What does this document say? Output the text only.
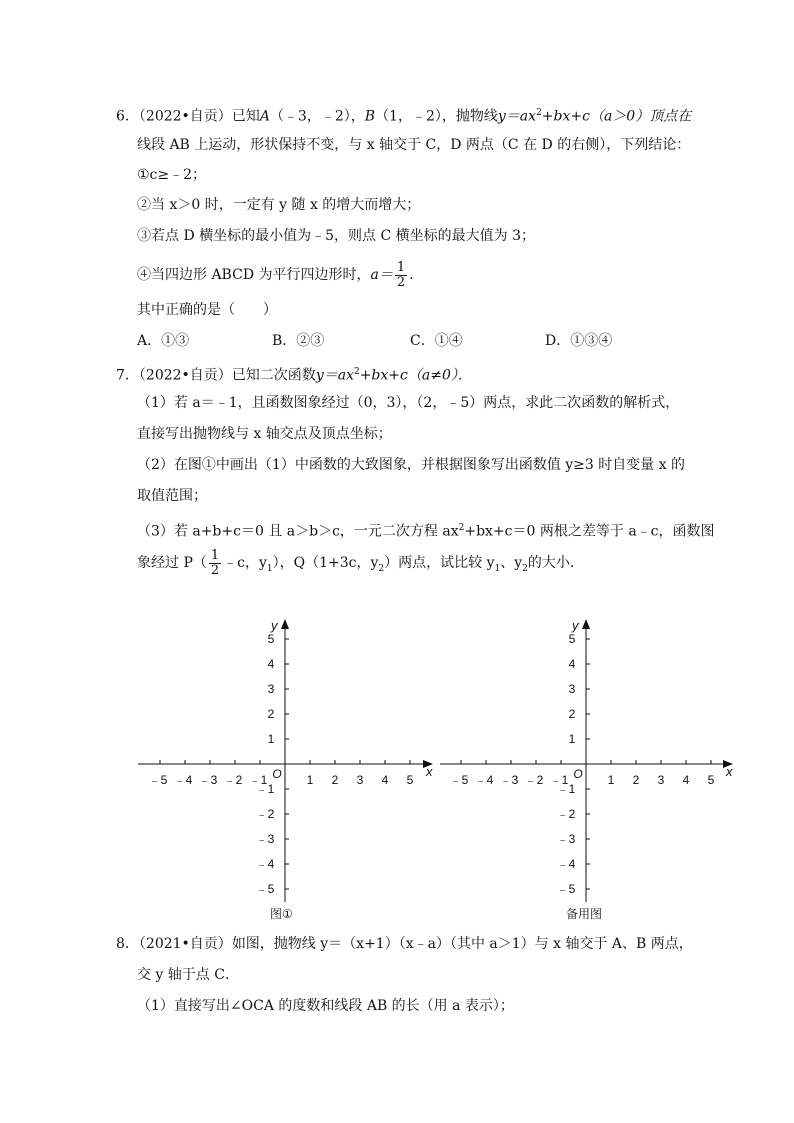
6．（2022•自贡）已知A（﹣3，﹣2），B（1，﹣2），抛物线$y=ax^2+bx+c(a>0)$顶点在
线段 AB 上运动，形状保持不变，与 x 轴交于 C，D 两点（C 在 D 的右侧），下列结论：
①c≥﹣2；
②当 x＞0 时，一定有 y 随 x 的增大而增大；
③若点 D 横坐标的最小值为﹣5，则点 C 横坐标的最大值为 3；
④当四边形 ABCD 为平行四边形时，$a= \frac{1}{2}$ .
其中正确的是（　　）
A．①③	B．②③	C．①④	D．①③④
7．（2022•自贡）已知二次函数$y=ax^2+bx+c(a\ne 0)$．
（1）若 a＝﹣1，且函数图象经过（0，3），（2，﹣5）两点，求此二次函数的解析式，
直接写出抛物线与 x 轴交点及顶点坐标；
（2）在图①中画出（1）中函数的大致图象，并根据图象写出函数值 y≥3 时自变量 x 的
取值范围；
（3）若 a+b+c＝0 且 a＞b＞c，一元二次方程 $ax^2+bx+c=0$ 两根之差等于 a﹣c，函数图
象经过 $P( \frac{1}{2}$ ﹣c，$y_1$），Q（1+3c，$y_2$）两点，试比较 $y_1$、$y_2$的大小．
1
﹣1
1
﹣1
2
﹣2
2
﹣2
3
﹣3
3
﹣3
4
﹣4
4
﹣4
5
﹣5
5
﹣5
O	x
y
图①
1
﹣1
1
﹣1
2
﹣2
2
﹣2
3
﹣3
3
﹣3
4
﹣4
4
﹣4
5
﹣5
5
﹣5
O	x
y
备用图
8．（2021•自贡）如图，抛物线 y＝（x+1）（x﹣a）（其中 a＞1）与 x 轴交于 A、B 两点，
交 y 轴于点 C．
（1）直接写出∠OCA 的度数和线段 AB 的长（用 a 表示）；
